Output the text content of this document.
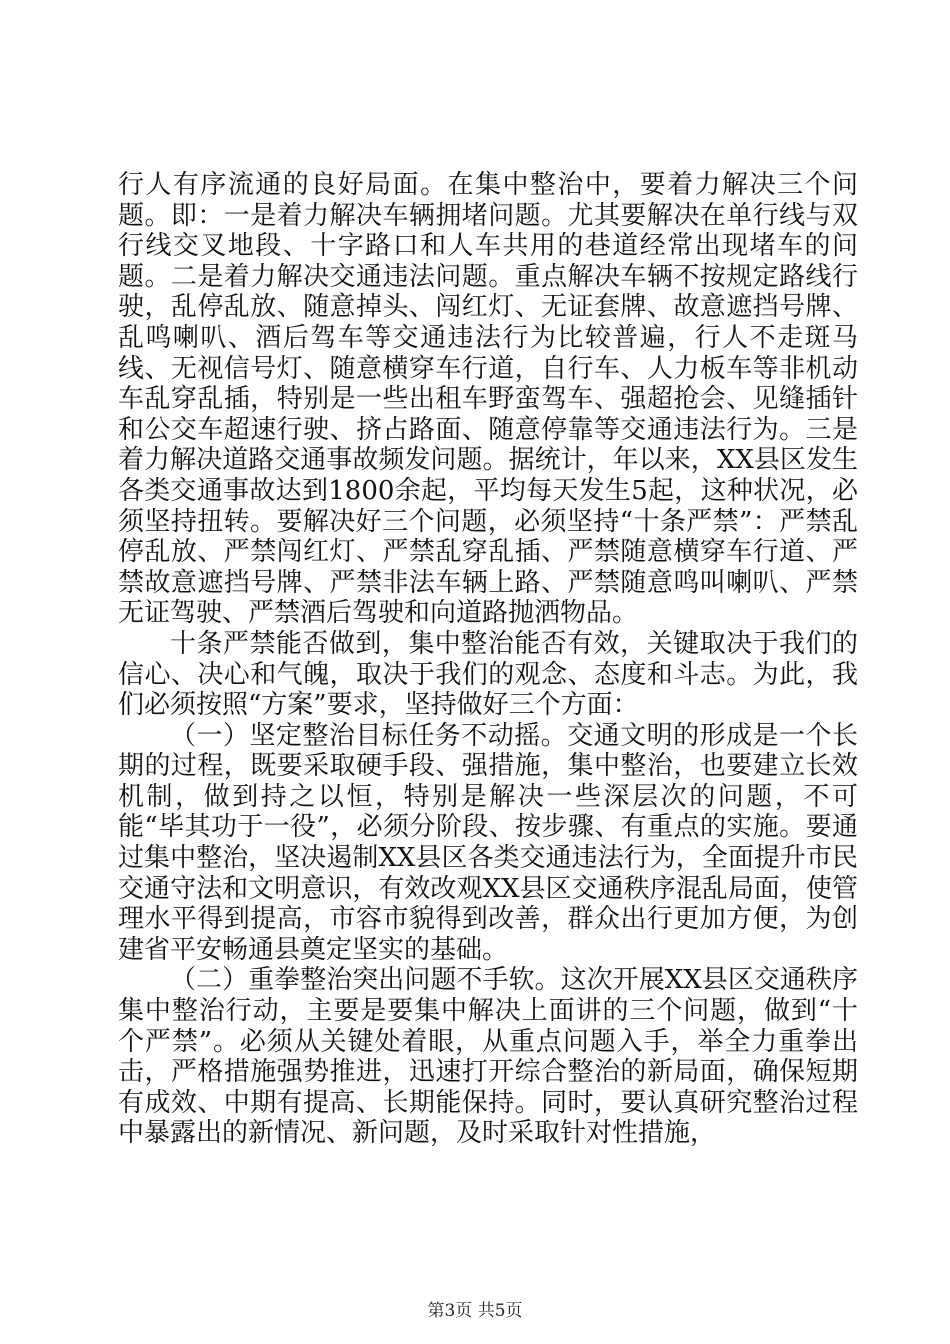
行人有序流通的良好局面。在集中整治中，要着力解决三个问题。即：一是着力解决车辆拥堵问题。尤其要解决在单行线与双行线交叉地段、十字路口和人车共用的巷道经常出现堵车的问题。二是着力解决交通违法问题。重点解决车辆不按规定路线行驶，乱停乱放、随意掉头、闯红灯、无证套牌、故意遮挡号牌、乱鸣喇叭、酒后驾车等交通违法行为比较普遍，行人不走斑马线、无视信号灯、随意横穿车行道，自行车、人力板车等非机动车乱穿乱插，特别是一些出租车野蛮驾车、强超抢会、见缝插针和公交车超速行驶、挤占路面、随意停靠等交通违法行为。三是着力解决道路交通事故频发问题。据统计，年以来，XX县区发生各类交通事故达到1800余起，平均每天发生5起，这种状况，必须坚持扭转。要解决好三个问题，必须坚持“十条严禁”：严禁乱停乱放、严禁闯红灯、严禁乱穿乱插、严禁随意横穿车行道、严禁故意遮挡号牌、严禁非法车辆上路、严禁随意鸣叫喇叭、严禁无证驾驶、严禁酒后驾驶和向道路抛洒物品。

十条严禁能否做到，集中整治能否有效，关键取决于我们的信心、决心和气魄，取决于我们的观念、态度和斗志。为此，我们必须按照“方案”要求，坚持做好三个方面：

（一）坚定整治目标任务不动摇。交通文明的形成是一个长期的过程，既要采取硬手段、强措施，集中整治，也要建立长效机制，做到持之以恒，特别是解决一些深层次的问题，不可能“毕其功于一役”，必须分阶段、按步骤、有重点的实施。要通过集中整治，坚决遏制XX县区各类交通违法行为，全面提升市民交通守法和文明意识，有效改观XX县区交通秩序混乱局面，使管理水平得到提高，市容市貌得到改善，群众出行更加方便，为创建省平安畅通县奠定坚实的基础。

（二）重拳整治突出问题不手软。这次开展XX县区交通秩序集中整治行动，主要是要集中解决上面讲的三个问题，做到“十个严禁”。必须从关键处着眼，从重点问题入手，举全力重拳出击，严格措施强势推进，迅速打开综合整治的新局面，确保短期有成效、中期有提高、长期能保持。同时，要认真研究整治过程中暴露出的新情况、新问题，及时采取针对性措施，

第3页 共5页
